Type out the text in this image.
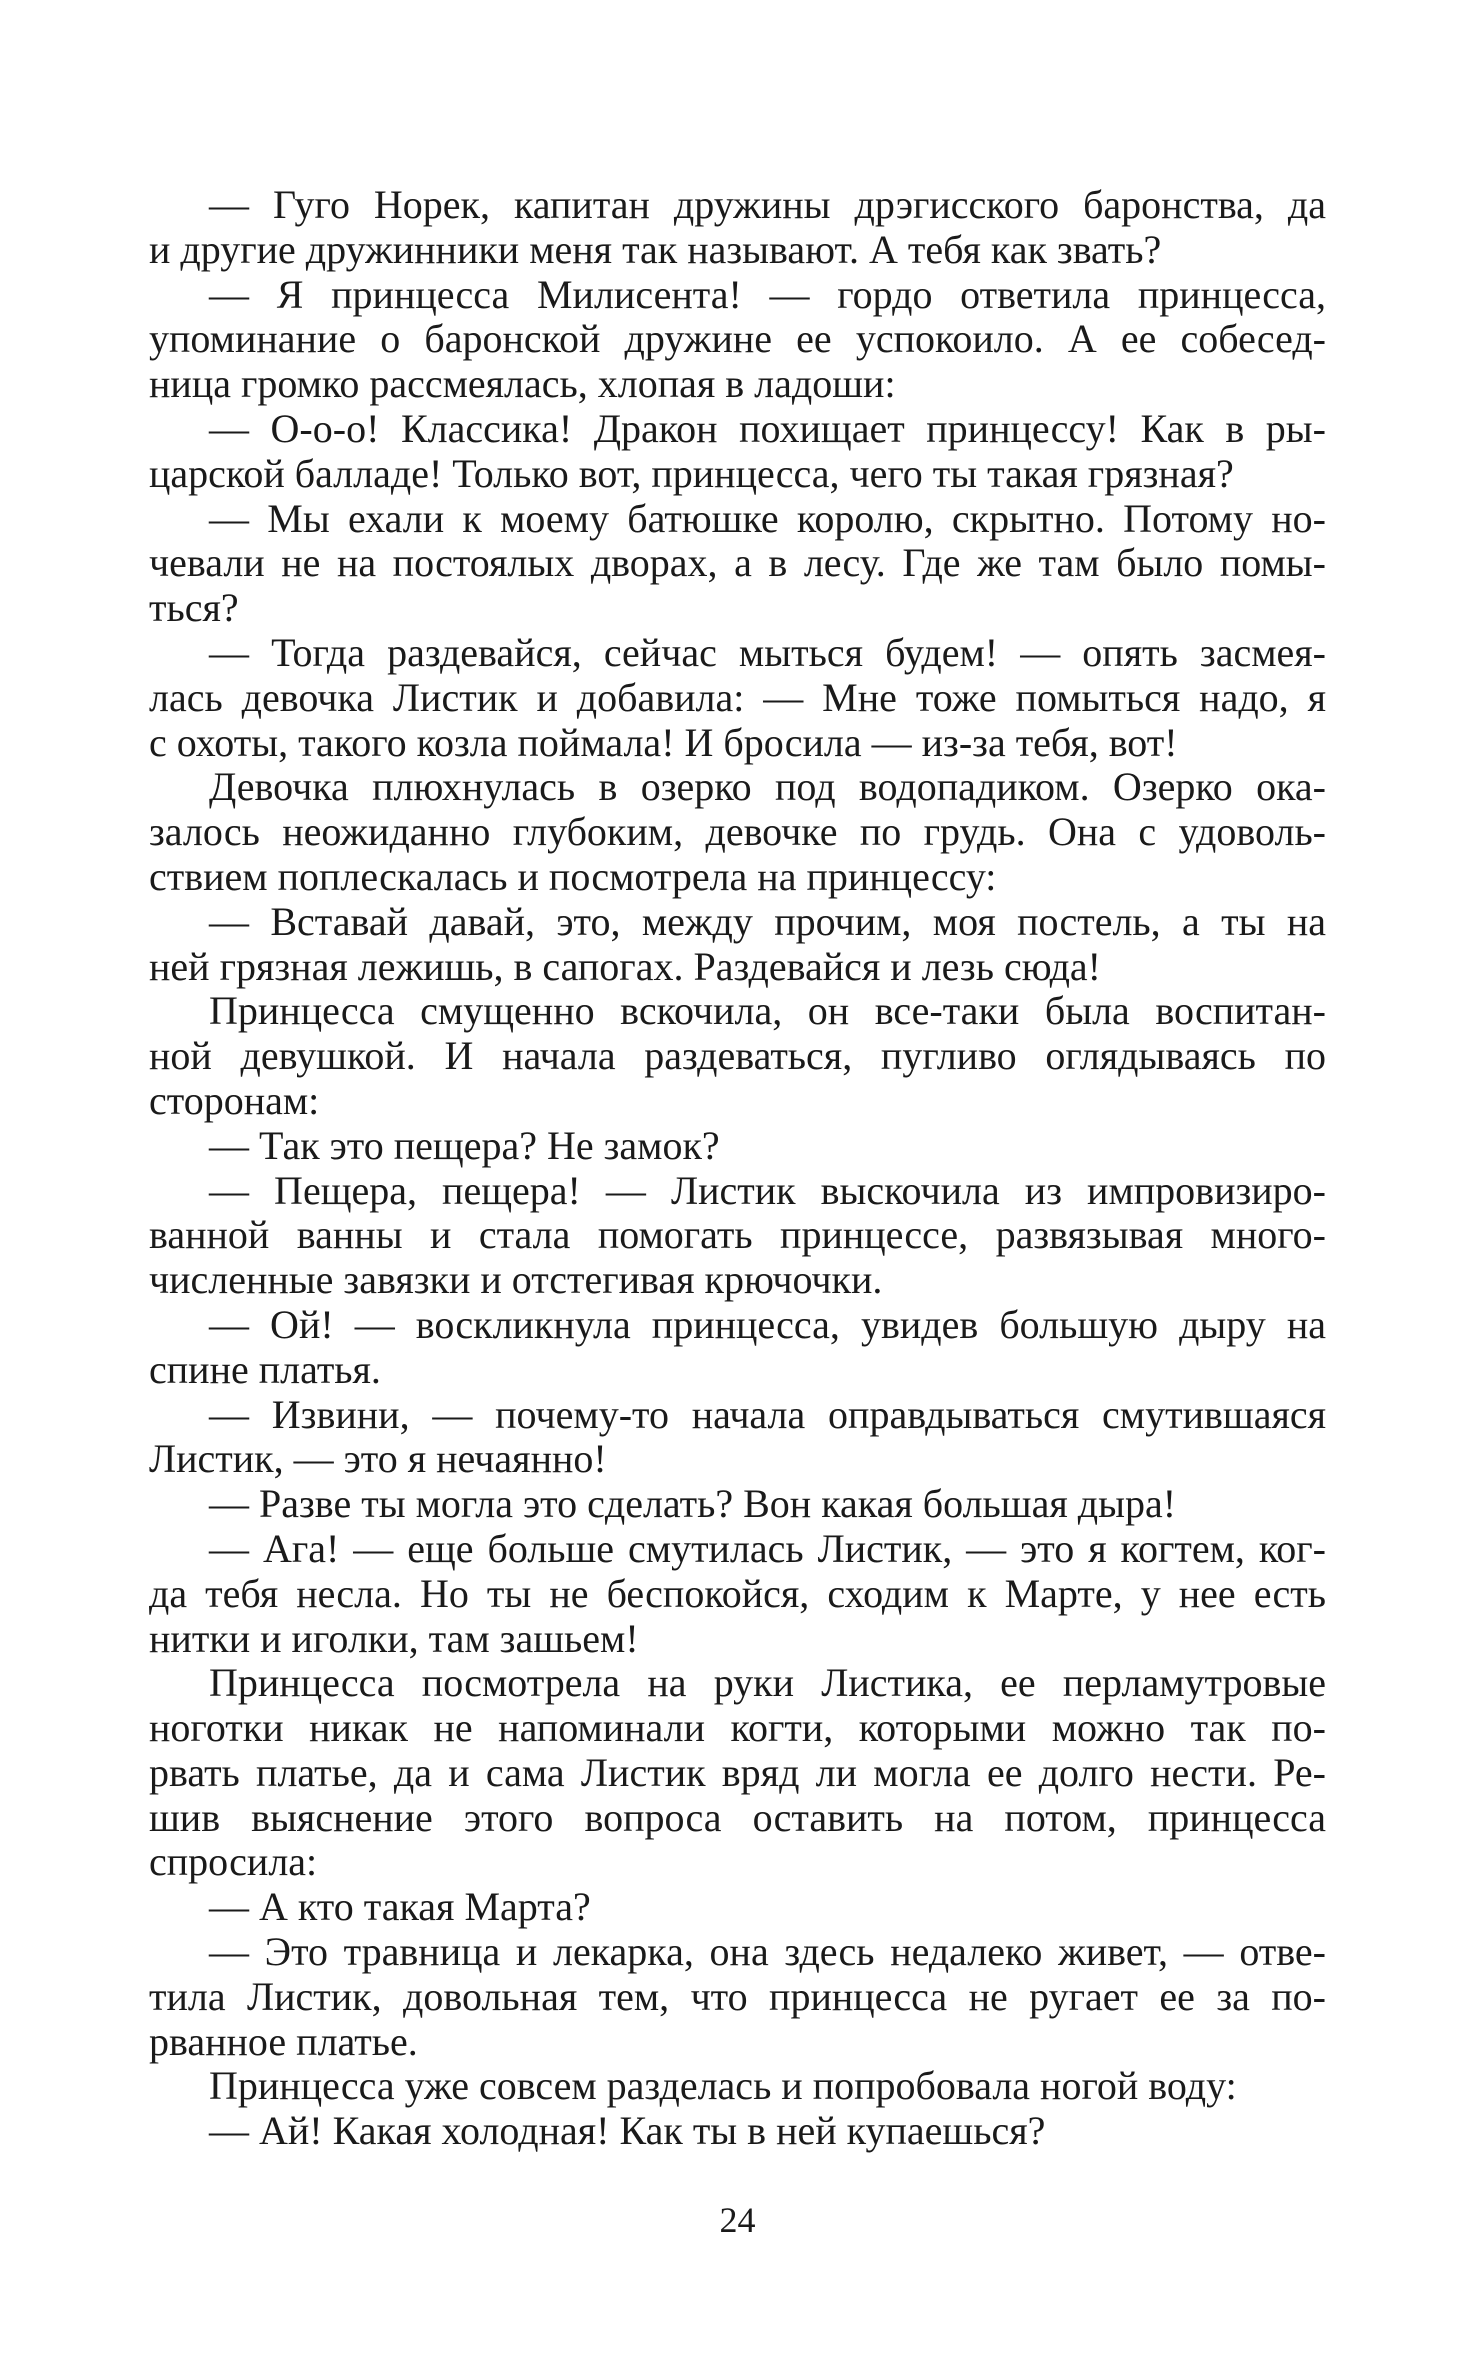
— Гуго Норек, капитан дружины дрэгисского баронства, да
и другие дружинники меня так называют. А тебя как звать?
— Я принцесса Милисента! — гордо ответила принцесса,
упоминание о баронской дружине ее успокоило. А ее собесед-
ница громко рассмеялась, хлопая в ладоши:
— О-о-о! Классика! Дракон похищает принцессу! Как в ры-
царской балладе! Только вот, принцесса, чего ты такая грязная?
— Мы ехали к моему батюшке королю, скрытно. Потому но-
чевали не на постоялых дворах, а в лесу. Где же там было помы-
ться?
— Тогда раздевайся, сейчас мыться будем! — опять засмея-
лась девочка Листик и добавила: — Мне тоже помыться надо, я
с охоты, такого козла поймала! И бросила — из-за тебя, вот!
Девочка плюхнулась в озерко под водопадиком. Озерко ока-
залось неожиданно глубоким, девочке по грудь. Она с удоволь-
ствием поплескалась и посмотрела на принцессу:
— Вставай давай, это, между прочим, моя постель, а ты на
ней грязная лежишь, в сапогах. Раздевайся и лезь сюда!
Принцесса смущенно вскочила, он все-таки была воспитан-
ной девушкой. И начала раздеваться, пугливо оглядываясь по
сторонам:
— Так это пещера? Не замок?
— Пещера, пещера! — Листик выскочила из импровизиро-
ванной ванны и стала помогать принцессе, развязывая много-
численные завязки и отстегивая крючочки.
— Ой! — воскликнула принцесса, увидев большую дыру на
спине платья.
— Извини, — почему-то начала оправдываться смутившаяся
Листик, — это я нечаянно!
— Разве ты могла это сделать? Вон какая большая дыра!
— Ага! — еще больше смутилась Листик, — это я когтем, ког-
да тебя несла. Но ты не беспокойся, сходим к Марте, у нее есть
нитки и иголки, там зашьем!
Принцесса посмотрела на руки Листика, ее перламутровые
ноготки никак не напоминали когти, которыми можно так по-
рвать платье, да и сама Листик вряд ли могла ее долго нести. Ре-
шив выяснение этого вопроса оставить на потом, принцесса
спросила:
— А кто такая Марта?
— Это травница и лекарка, она здесь недалеко живет, — отве-
тила Листик, довольная тем, что принцесса не ругает ее за по-
рванное платье.
Принцесса уже совсем разделась и попробовала ногой воду:
— Ай! Какая холодная! Как ты в ней купаешься?
24
